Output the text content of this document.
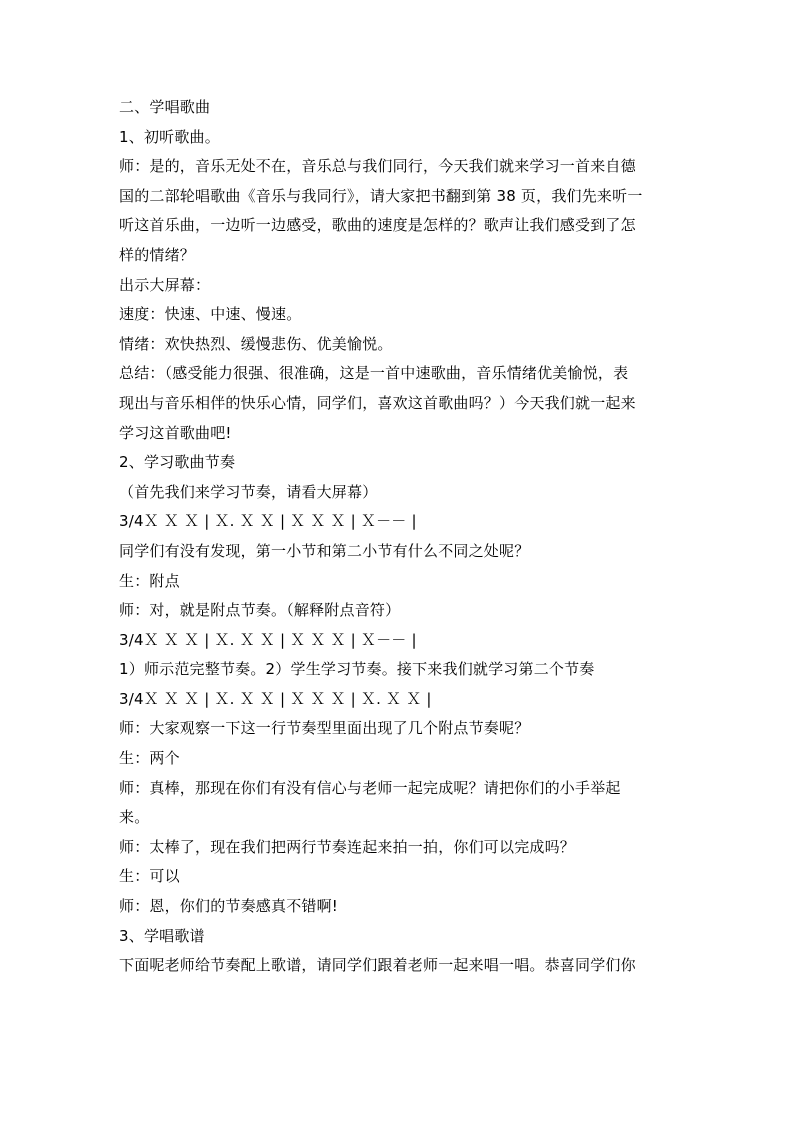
二、学唱歌曲
1、初听歌曲。
师：是的，音乐无处不在，音乐总与我们同行，今天我们就来学习一首来自德
国的二部轮唱歌曲《音乐与我同行》，请大家把书翻到第 38 页，我们先来听一
听这首乐曲，一边听一边感受，歌曲的速度是怎样的？歌声让我们感受到了怎
样的情绪？
出示大屏幕：
速度：快速、中速、慢速。
情绪：欢快热烈、缓慢悲伤、优美愉悦。
总结：（感受能力很强、很准确，这是一首中速歌曲，音乐情绪优美愉悦，表
现出与音乐相伴的快乐心情，同学们，喜欢这首歌曲吗？）今天我们就一起来
学习这首歌曲吧!
2、学习歌曲节奏
（首先我们来学习节奏，请看大屏幕）
3/4Ｘ Ｘ Ｘ | Ｘ. Ｘ Ｘ | Ｘ Ｘ Ｘ | Ｘ－－ |
同学们有没有发现，第一小节和第二小节有什么不同之处呢？
生：附点
师：对，就是附点节奏。（解释附点音符）
3/4Ｘ Ｘ Ｘ | Ｘ. Ｘ Ｘ | Ｘ Ｘ Ｘ | Ｘ－－ |
1）师示范完整节奏。2）学生学习节奏。接下来我们就学习第二个节奏
3/4Ｘ Ｘ Ｘ | Ｘ. Ｘ Ｘ | Ｘ Ｘ Ｘ | Ｘ. Ｘ Ｘ |
师：大家观察一下这一行节奏型里面出现了几个附点节奏呢？
生：两个
师：真棒，那现在你们有没有信心与老师一起完成呢？请把你们的小手举起
来。
师：太棒了，现在我们把两行节奏连起来拍一拍，你们可以完成吗？
生：可以
师：恩，你们的节奏感真不错啊!
3、学唱歌谱
下面呢老师给节奏配上歌谱，请同学们跟着老师一起来唱一唱。恭喜同学们你
